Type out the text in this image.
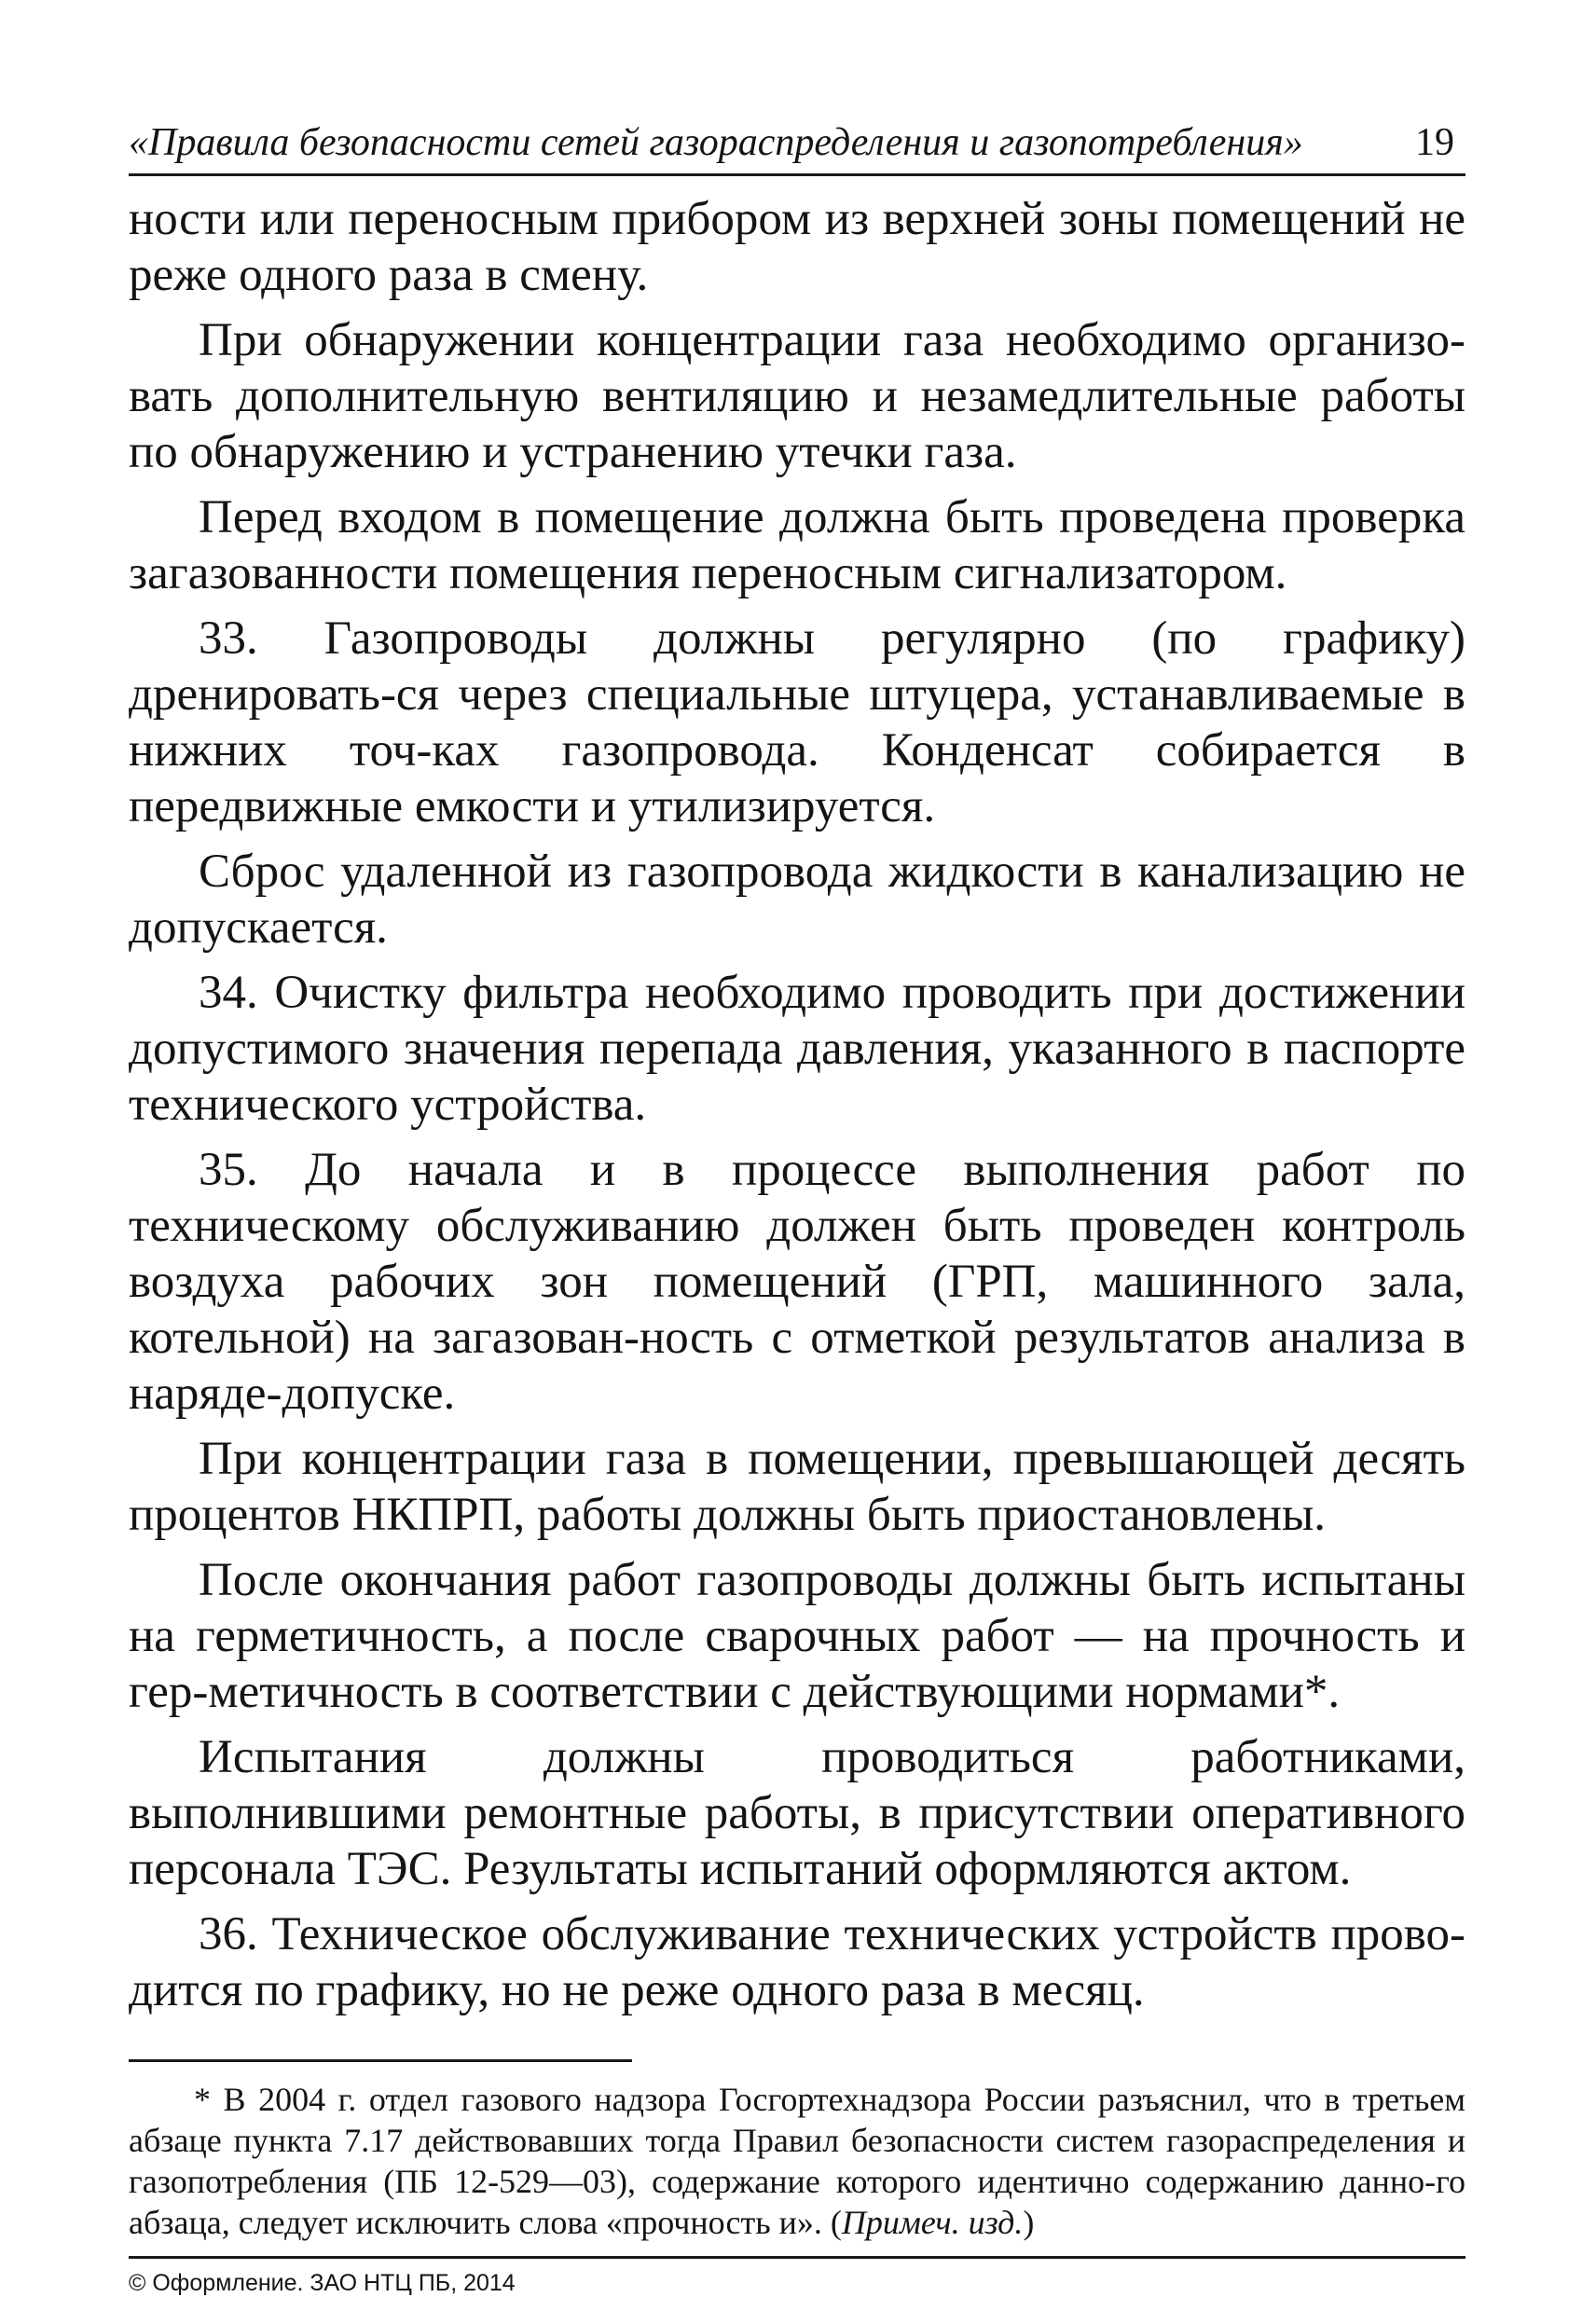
«Правила безопасности сетей газораспределения и газопотребления»	19

ности или переносным прибором из верхней зоны помещений не реже одного раза в смену.

При обнаружении концентрации газа необходимо организо-вать дополнительную вентиляцию и незамедлительные работы по обнаружению и устранению утечки газа.

Перед входом в помещение должна быть проведена проверка загазованности помещения переносным сигнализатором.

33. Газопроводы должны регулярно (по графику) дренировать-ся через специальные штуцера, устанавливаемые в нижних точ-ках газопровода. Конденсат собирается в передвижные емкости и утилизируется.

Сброс удаленной из газопровода жидкости в канализацию не допускается.

34. Очистку фильтра необходимо проводить при достижении допустимого значения перепада давления, указанного в паспорте технического устройства.

35. До начала и в процессе выполнения работ по техническому обслуживанию должен быть проведен контроль воздуха рабочих зон помещений (ГРП, машинного зала, котельной) на загазован-ность с отметкой результатов анализа в наряде-допуске.

При концентрации газа в помещении, превышающей десять процентов НКПРП, работы должны быть приостановлены.

После окончания работ газопроводы должны быть испытаны на герметичность, а после сварочных работ — на прочность и гер-метичность в соответствии с действующими нормами*.

Испытания должны проводиться работниками, выполнившими ремонтные работы, в присутствии оперативного персонала ТЭС. Результаты испытаний оформляются актом.

36. Техническое обслуживание технических устройств прово-дится по графику, но не реже одного раза в месяц.

* В 2004 г. отдел газового надзора Госгортехнадзора России разъяснил, что в третьем абзаце пункта 7.17 действовавших тогда Правил безопасности систем газораспределения и газопотребления (ПБ 12-529—03), содержание которого идентично содержанию данно-го абзаца, следует исключить слова «прочность и». (Примеч. изд.)
© Оформление. ЗАО НТЦ ПБ, 2014
